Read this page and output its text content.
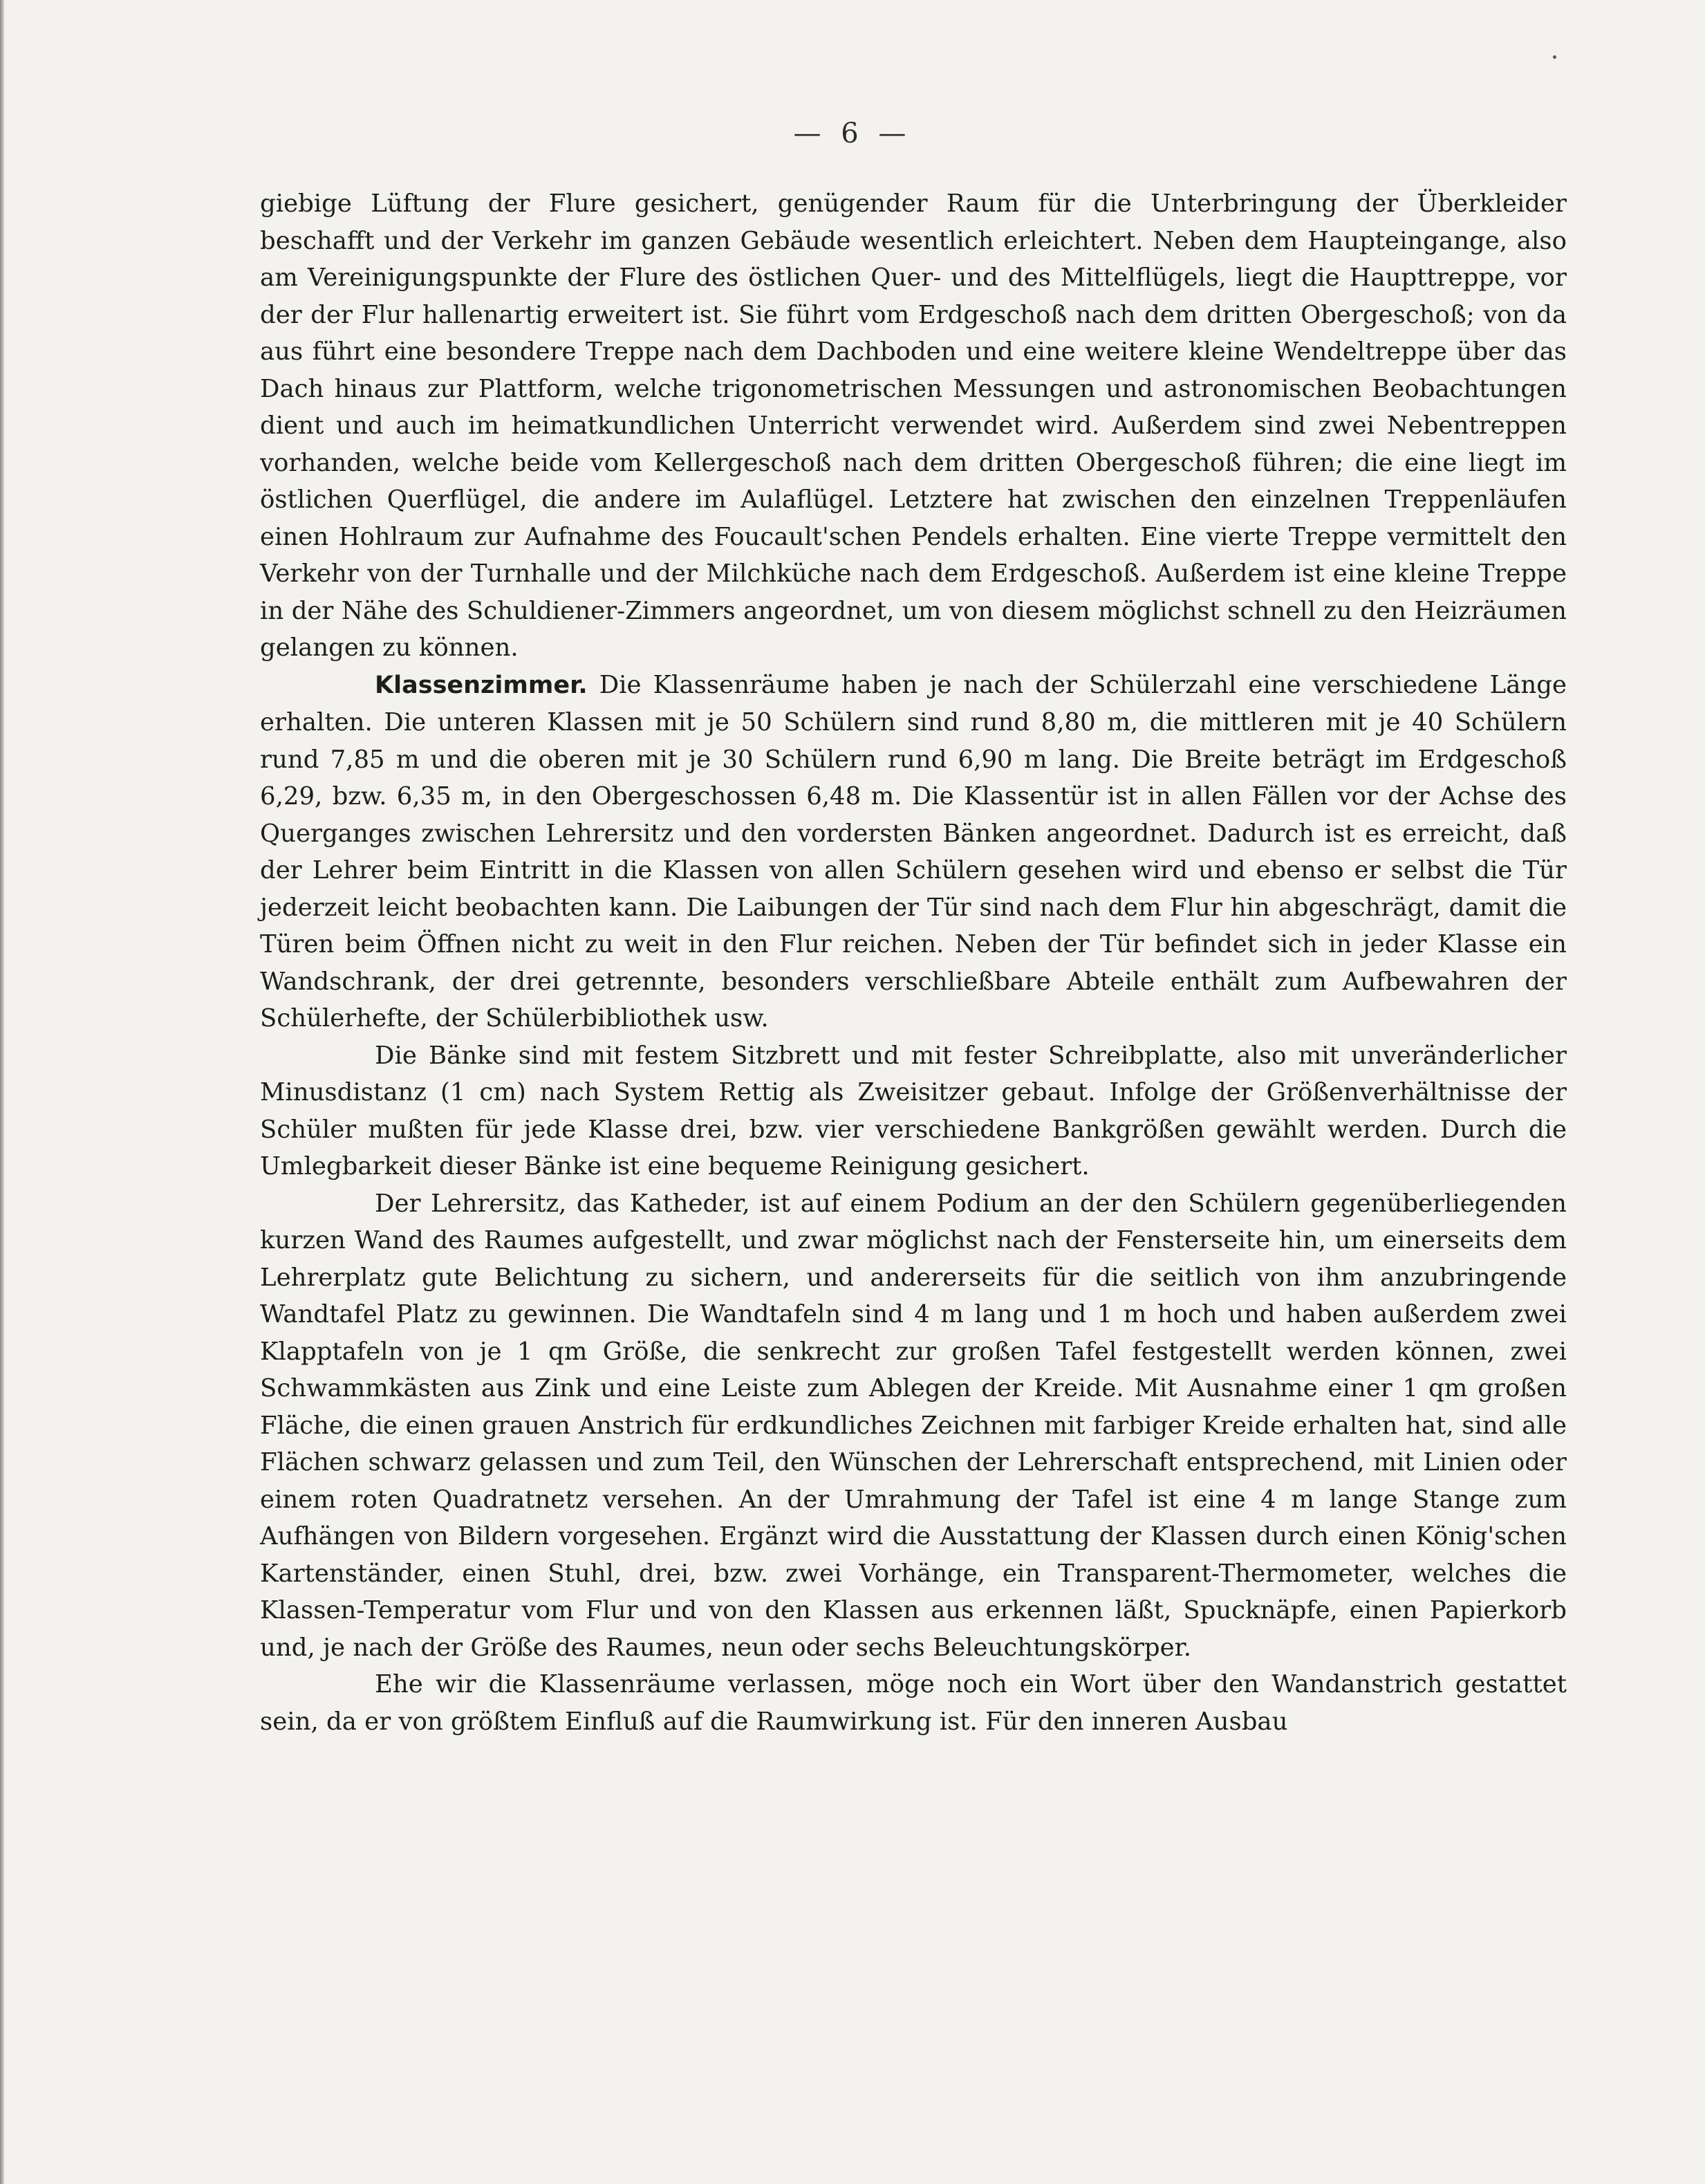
— 6 —

giebige Lüftung der Flure gesichert, genügender Raum für die Unterbringung der Überkleider beschafft und der Verkehr im ganzen Gebäude wesentlich erleichtert. Neben dem Haupteingange, also am Vereinigungspunkte der Flure des östlichen Quer- und des Mittelflügels, liegt die Haupttreppe, vor der der Flur hallenartig erweitert ist. Sie führt vom Erdgeschoß nach dem dritten Obergeschoß; von da aus führt eine besondere Treppe nach dem Dachboden und eine weitere kleine Wendeltreppe über das Dach hinaus zur Plattform, welche trigonometrischen Messungen und astronomischen Beobachtungen dient und auch im heimatkundlichen Unterricht verwendet wird. Außerdem sind zwei Nebentreppen vorhanden, welche beide vom Kellergeschoß nach dem dritten Obergeschoß führen; die eine liegt im östlichen Querflügel, die andere im Aulaflügel. Letztere hat zwischen den einzelnen Treppenläufen einen Hohlraum zur Aufnahme des Foucault'schen Pendels erhalten. Eine vierte Treppe vermittelt den Verkehr von der Turnhalle und der Milchküche nach dem Erdgeschoß. Außerdem ist eine kleine Treppe in der Nähe des Schuldiener-Zimmers angeordnet, um von diesem möglichst schnell zu den Heizräumen gelangen zu können.

Klassenzimmer. Die Klassenräume haben je nach der Schülerzahl eine verschiedene Länge erhalten. Die unteren Klassen mit je 50 Schülern sind rund 8,80 m, die mittleren mit je 40 Schülern rund 7,85 m und die oberen mit je 30 Schülern rund 6,90 m lang. Die Breite beträgt im Erdgeschoß 6,29, bzw. 6,35 m, in den Obergeschossen 6,48 m. Die Klassentür ist in allen Fällen vor der Achse des Querganges zwischen Lehrersitz und den vordersten Bänken angeordnet. Dadurch ist es erreicht, daß der Lehrer beim Eintritt in die Klassen von allen Schülern gesehen wird und ebenso er selbst die Tür jederzeit leicht beobachten kann. Die Laibungen der Tür sind nach dem Flur hin abgeschrägt, damit die Türen beim Öffnen nicht zu weit in den Flur reichen. Neben der Tür befindet sich in jeder Klasse ein Wandschrank, der drei getrennte, besonders verschließbare Abteile enthält zum Aufbewahren der Schülerhefte, der Schülerbibliothek usw.

Die Bänke sind mit festem Sitzbrett und mit fester Schreibplatte, also mit unveränderlicher Minusdistanz (1 cm) nach System Rettig als Zweisitzer gebaut. Infolge der Größenverhältnisse der Schüler mußten für jede Klasse drei, bzw. vier verschiedene Bankgrößen gewählt werden. Durch die Umlegbarkeit dieser Bänke ist eine bequeme Reinigung gesichert.

Der Lehrersitz, das Katheder, ist auf einem Podium an der den Schülern gegenüberliegenden kurzen Wand des Raumes aufgestellt, und zwar möglichst nach der Fensterseite hin, um einerseits dem Lehrerplatz gute Belichtung zu sichern, und andererseits für die seitlich von ihm anzubringende Wandtafel Platz zu gewinnen. Die Wandtafeln sind 4 m lang und 1 m hoch und haben außerdem zwei Klapptafeln von je 1 qm Größe, die senkrecht zur großen Tafel festgestellt werden können, zwei Schwammkästen aus Zink und eine Leiste zum Ablegen der Kreide. Mit Ausnahme einer 1 qm großen Fläche, die einen grauen Anstrich für erdkundliches Zeichnen mit farbiger Kreide erhalten hat, sind alle Flächen schwarz gelassen und zum Teil, den Wünschen der Lehrerschaft entsprechend, mit Linien oder einem roten Quadratnetz versehen. An der Umrahmung der Tafel ist eine 4 m lange Stange zum Aufhängen von Bildern vorgesehen. Ergänzt wird die Ausstattung der Klassen durch einen König'schen Kartenständer, einen Stuhl, drei, bzw. zwei Vorhänge, ein Transparent-Thermometer, welches die Klassen-Temperatur vom Flur und von den Klassen aus erkennen läßt, Spucknäpfe, einen Papierkorb und, je nach der Größe des Raumes, neun oder sechs Beleuchtungskörper.

Ehe wir die Klassenräume verlassen, möge noch ein Wort über den Wandanstrich gestattet sein, da er von größtem Einfluß auf die Raumwirkung ist. Für den inneren Ausbau
